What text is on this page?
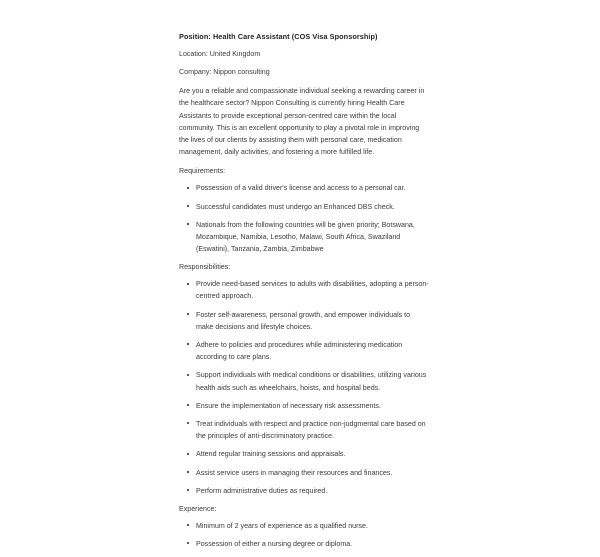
Position: Health Care Assistant (COS Visa Sponsorship)

Location: United Kingdom

Company: Nippon consulting

Are you a reliable and compassionate individual seeking a rewarding career in the healthcare sector? Nippon Consulting is currently hiring Health Care Assistants to provide exceptional person-centred care within the local community. This is an excellent opportunity to play a pivotal role in improving the lives of our clients by assisting them with personal care, medication management, daily activities, and fostering a more fulfilled life.

Requirements:

Possession of a valid driver's license and access to a personal car.
Successful candidates must undergo an Enhanced DBS check.
Nationals from the following countries will be given priority; Botswana, Mozambique, Namibia, Lesotho, Malawi, South Africa, Swaziland (Eswatini), Tanzania, Zambia, Zimbabwe

Responsibilities:

Provide need-based services to adults with disabilities, adopting a person-centred approach.
Foster self-awareness, personal growth, and empower individuals to make decisions and lifestyle choices.
Adhere to policies and procedures while administering medication according to care plans.
Support individuals with medical conditions or disabilities, utilizing various health aids such as wheelchairs, hoists, and hospital beds.
Ensure the implementation of necessary risk assessments.
Treat individuals with respect and practice non-judgmental care based on the principles of anti-discriminatory practice.
Attend regular training sessions and appraisals.
Assist service users in managing their resources and finances.
Perform administrative duties as required.

Experience:

Minimum of 2 years of experience as a qualified nurse.
Possession of either a nursing degree or diploma.
